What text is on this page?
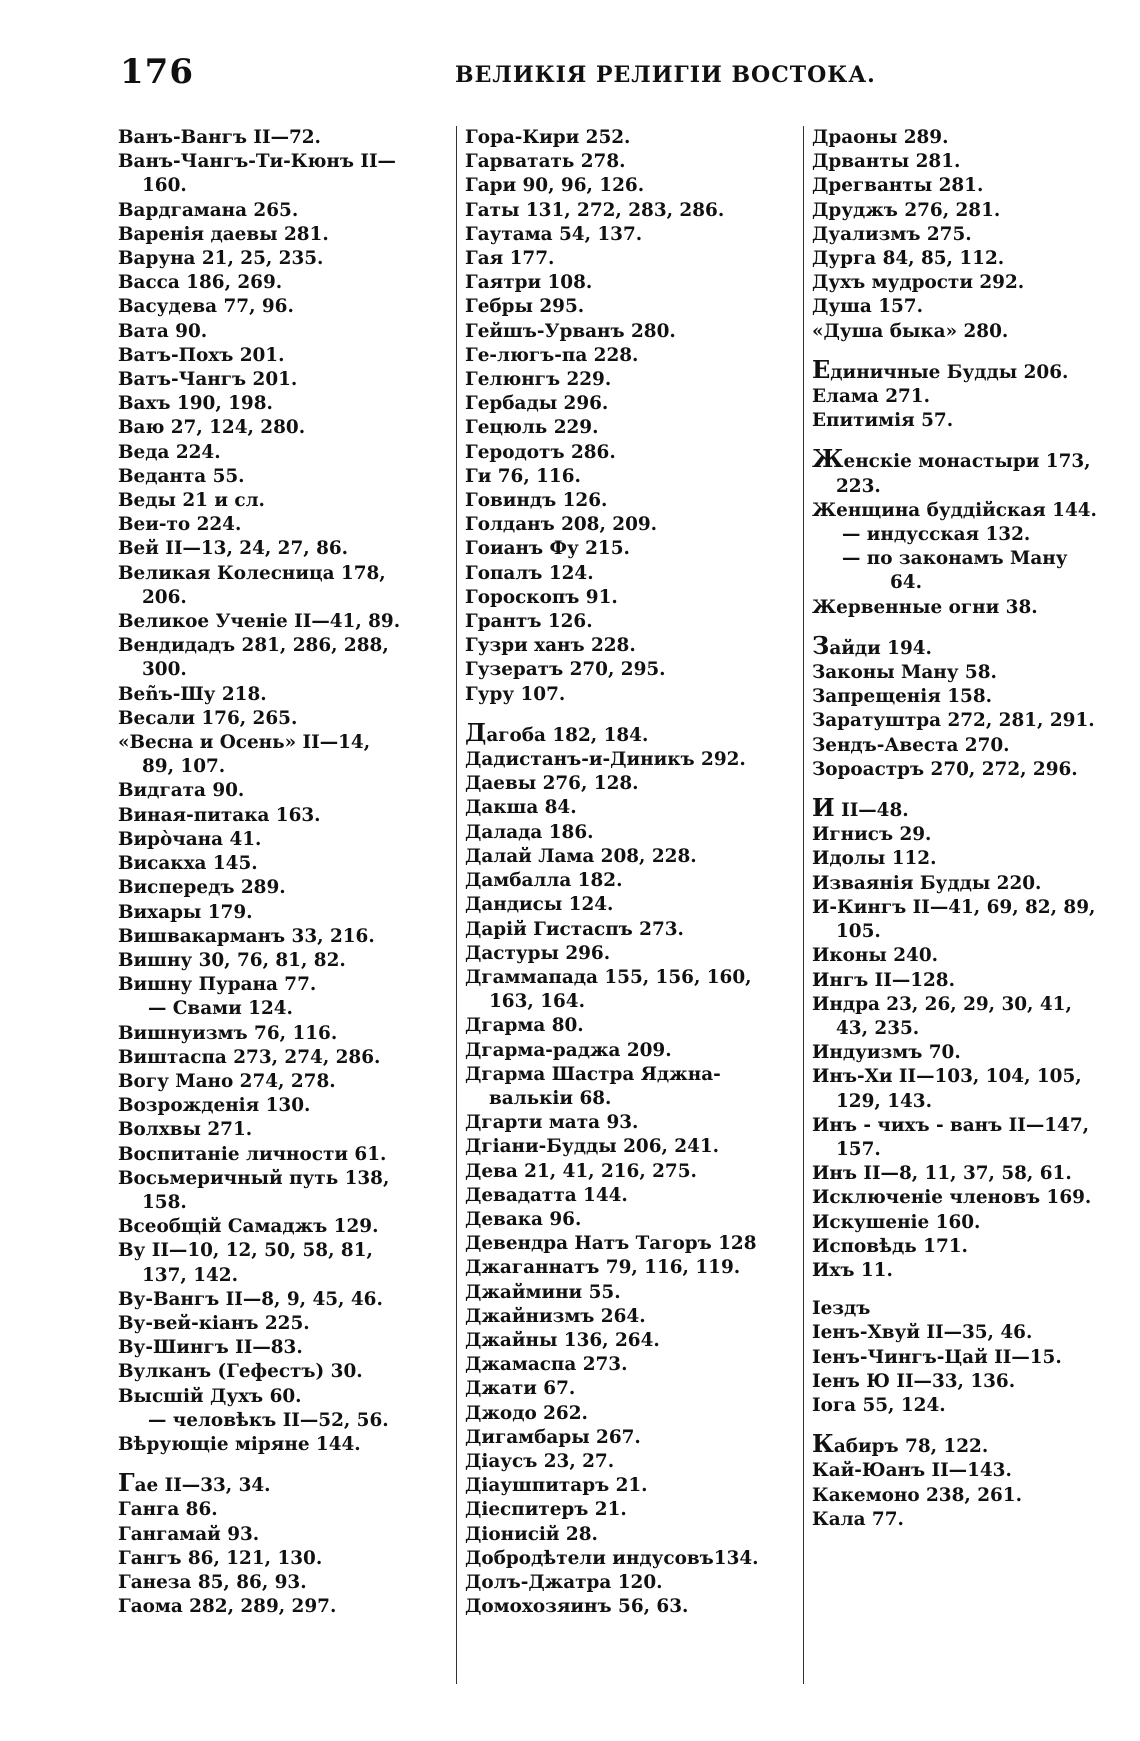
176	ВЕЛИКІЯ РЕЛИГІИ ВОСТОКА.
Ванъ-Вангъ II—72.
Ванъ-Чангъ-Ти-Кюнъ II—
160.
Вардгамана 265.
Варенія даевы 281.
Варуна 21, 25, 235.
Васса 186, 269.
Васудева 77, 96.
Вата 90.
Ватъ-Похъ 201.
Ватъ-Чангъ 201.
Вахъ 190, 198.
Ваю 27, 124, 280.
Веда 224.
Веданта 55.
Веды 21 и сл.
Веи-то 224.
Вей II—13, 24, 27, 86.
Великая Колесница 178,
206.
Великое Ученіе II—41, 89.
Вендидадъ 281, 286, 288,
300.
Веñъ-Шу 218.
Весали 176, 265.
«Весна и Осень» II—14,
89, 107.
Видгата 90.
Виная-питака 163.
Вирòчана 41.
Висакха 145.
Виспередъ 289.
Вихары 179.
Вишвакарманъ 33, 216.
Вишну 30, 76, 81, 82.
Вишну Пурана 77.
— Свами 124.
Вишнуизмъ 76, 116.
Виштаспа 273, 274, 286.
Вогу Мано 274, 278.
Возрожденія 130.
Волхвы 271.
Воспитаніе личности 61.
Восьмеричный путь 138,
158.
Всеобщій Самаджъ 129.
Ву II—10, 12, 50, 58, 81,
137, 142.
Ву-Вангъ II—8, 9, 45, 46.
Ву-вей-кіанъ 225.
Ву-Шингъ II—83.
Вулканъ (Гефестъ) 30.
Высшій Духъ 60.
— человѣкъ II—52, 56.
Вѣрующіе міряне 144.
Гае II—33, 34.
Ганга 86.
Гангамай 93.
Гангъ 86, 121, 130.
Ганеза 85, 86, 93.
Гаома 282, 289, 297.
Гора-Кири 252.
Гарватать 278.
Гари 90, 96, 126.
Гаты 131, 272, 283, 286.
Гаутама 54, 137.
Гая 177.
Гаятри 108.
Гебры 295.
Гейшъ-Урванъ 280.
Ге-люгъ-па 228.
Гелюнгъ 229.
Гербады 296.
Гецюль 229.
Геродотъ 286.
Ги 76, 116.
Говиндъ 126.
Голданъ 208, 209.
Гоианъ Фу 215.
Гопалъ 124.
Гороскопъ 91.
Грантъ 126.
Гузри ханъ 228.
Гузератъ 270, 295.
Гуру 107.
Дагоба 182, 184.
Дадистанъ-и-Диникъ 292.
Даевы 276, 128.
Дакша 84.
Далада 186.
Далай Лама 208, 228.
Дамбалла 182.
Дандисы 124.
Дарій Гистаспъ 273.
Дастуры 296.
Дгаммапада 155, 156, 160,
163, 164.
Дгарма 80.
Дгарма-раджа 209.
Дгарма Шастра Яджна-
валькіи 68.
Дгарти мата 93.
Дгіани-Будды 206, 241.
Дева 21, 41, 216, 275.
Девадатта 144.
Девака 96.
Девендра Натъ Тагоръ 128
Джаганнатъ 79, 116, 119.
Джаймини 55.
Джайнизмъ 264.
Джайны 136, 264.
Джамаспа 273.
Джати 67.
Джодо 262.
Дигамбары 267.
Діаусъ 23, 27.
Діаушпитаръ 21.
Діеспитеръ 21.
Діонисій 28.
Добродѣтели индусовъ134.
Долъ-Джатра 120.
Домохозяинъ 56, 63.
Драоны 289.
Дрванты 281.
Дрегванты 281.
Друджъ 276, 281.
Дуализмъ 275.
Дурга 84, 85, 112.
Духъ мудрости 292.
Душа 157.
«Душа быка» 280.
Единичные Будды 206.
Елама 271.
Епитимія 57.
Женскіе монастыри 173,
223.
Женщина буддійская 144.
— индусская 132.
— по законамъ Ману
64.
Жервенные огни 38.
Зайди 194.
Законы Ману 58.
Запрещенія 158.
Заратуштра 272, 281, 291.
Зендъ-Авеста 270.
Зороастръ 270, 272, 296.
И II—48.
Игнисъ 29.
Идолы 112.
Изваянія Будды 220.
И-Кингъ II—41, 69, 82, 89,
105.
Иконы 240.
Ингъ II—128.
Индра 23, 26, 29, 30, 41,
43, 235.
Индуизмъ 70.
Инъ-Хи II—103, 104, 105,
129, 143.
Инъ - чихъ - ванъ II—147,
157.
Инъ II—8, 11, 37, 58, 61.
Исключеніе членовъ 169.
Искушеніе 160.
Исповѣдь 171.
Ихъ 11.
Іездъ
Іенъ-Хвуй II—35, 46.
Іенъ-Чингъ-Цай II—15.
Іенъ Ю II—33, 136.
Іога 55, 124.
Кабиръ 78, 122.
Кай-Юанъ II—143.
Какемоно 238, 261.
Кала 77.
